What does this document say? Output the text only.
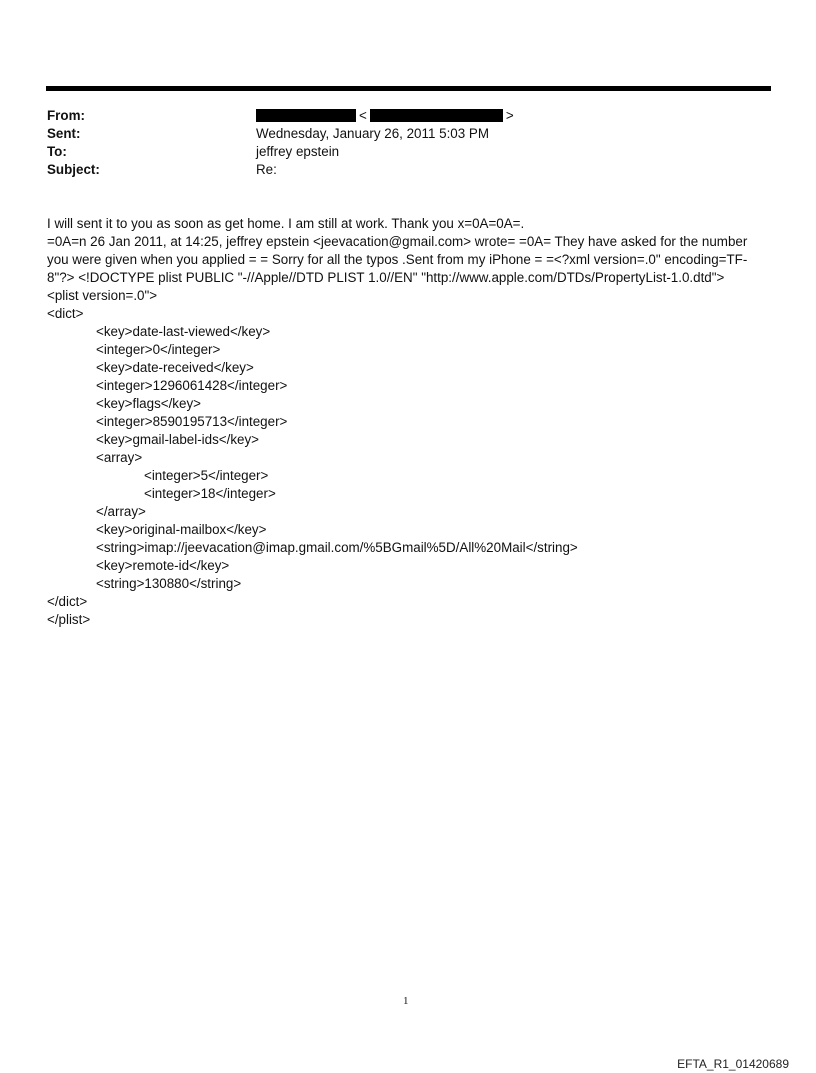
From:	<	>
Sent:	Wednesday, January 26, 2011 5:03 PM
To:	jeffrey epstein
Subject:	Re:
I will sent it to you as soon as get home. I am still at work. Thank you x=0A=0A=.
=0A=n 26 Jan 2011, at 14:25, jeffrey epstein <jeevacation@gmail.com> wrote= =0A= They have asked for the number
you were given when you applied = = Sorry for all the typos .Sent from my iPhone = =<?xml version=.0" encoding=TF-
8"?> <!DOCTYPE plist PUBLIC "-//Apple//DTD PLIST 1.0//EN" "http://www.apple.com/DTDs/PropertyList-1.0.dtd">
<plist version=.0">
<dict>
<key>date-last-viewed</key>
<integer>0</integer>
<key>date-received</key>
<integer>1296061428</integer>
<key>flags</key>
<integer>8590195713</integer>
<key>gmail-label-ids</key>
<array>
<integer>5</integer>
<integer>18</integer>
</array>
<key>original-mailbox</key>
<string>imap://jeevacation@imap.gmail.com/%5BGmail%5D/All%20Mail</string>
<key>remote-id</key>
<string>130880</string>
</dict>
</plist>
1
EFTA_R1_01420689
